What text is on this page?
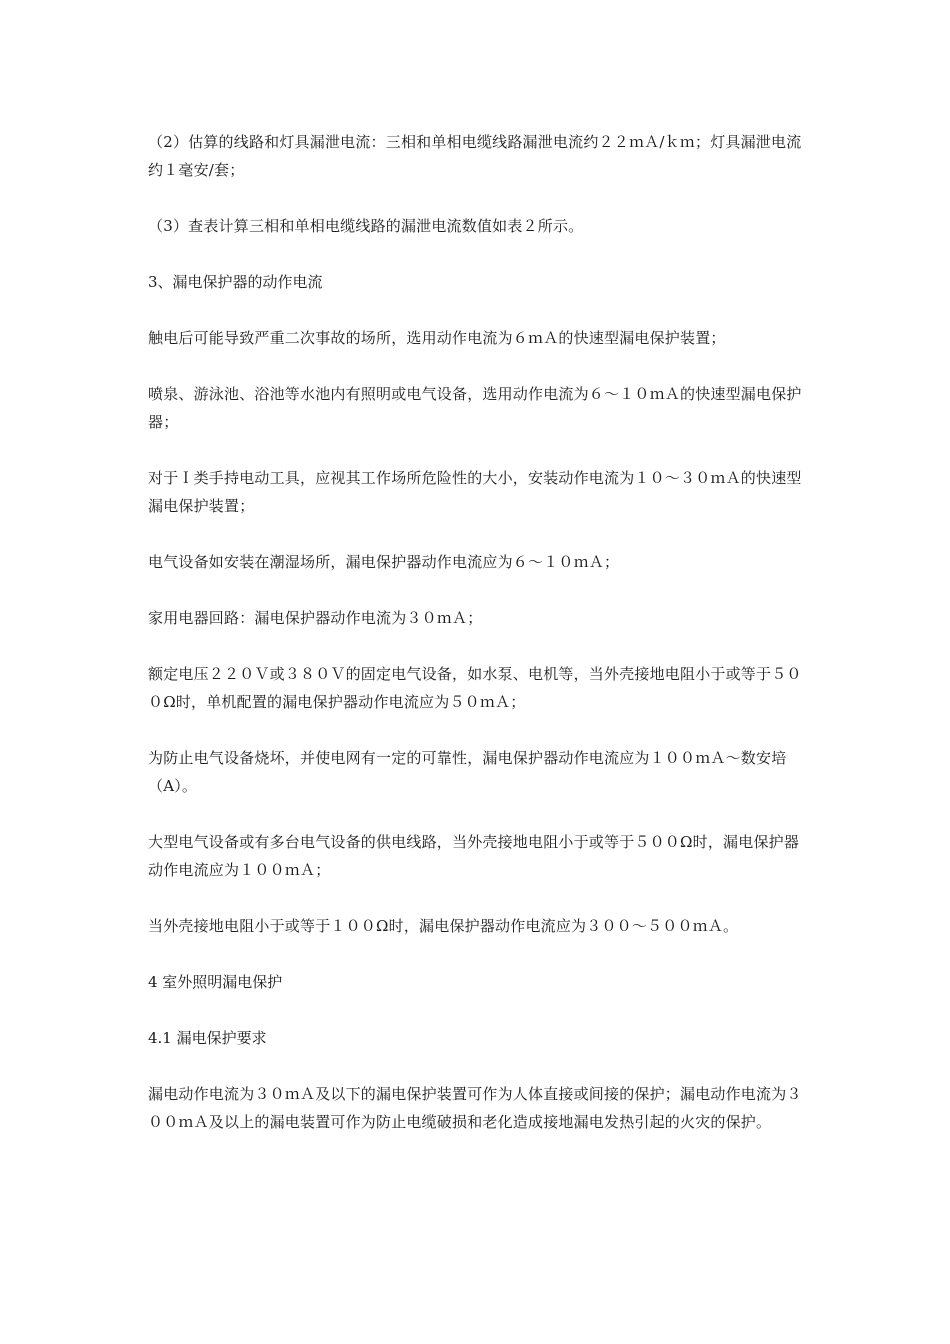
（2）估算的线路和灯具漏泄电流：三相和单相电缆线路漏泄电流约２２ｍＡ/ｋｍ；灯具漏泄电流约１毫安/套；

（3）查表计算三相和单相电缆线路的漏泄电流数值如表２所示。

3、漏电保护器的动作电流

触电后可能导致严重二次事故的场所，选用动作电流为６ｍＡ的快速型漏电保护装置；

喷泉、游泳池、浴池等水池内有照明或电气设备，选用动作电流为６～１０ｍＡ的快速型漏电保护器；

对于Ｉ类手持电动工具，应视其工作场所危险性的大小，安装动作电流为１０～３０ｍＡ的快速型漏电保护装置；

电气设备如安装在潮湿场所，漏电保护器动作电流应为６～１０ｍＡ；

家用电器回路：漏电保护器动作电流为３０ｍＡ；

额定电压２２０Ｖ或３８０Ｖ的固定电气设备，如水泵、电机等，当外壳接地电阻小于或等于５００Ω时，单机配置的漏电保护器动作电流应为５０ｍＡ；

为防止电气设备烧坏，并使电网有一定的可靠性，漏电保护器动作电流应为１００ｍＡ～数安培（A）。

大型电气设备或有多台电气设备的供电线路，当外壳接地电阻小于或等于５００Ω时，漏电保护器动作电流应为１００ｍＡ；

当外壳接地电阻小于或等于１００Ω时，漏电保护器动作电流应为３００～５００ｍＡ。

4 室外照明漏电保护

4.1 漏电保护要求

漏电动作电流为３０ｍＡ及以下的漏电保护装置可作为人体直接或间接的保护；漏电动作电流为３００ｍＡ及以上的漏电装置可作为防止电缆破损和老化造成接地漏电发热引起的火灾的保护。
